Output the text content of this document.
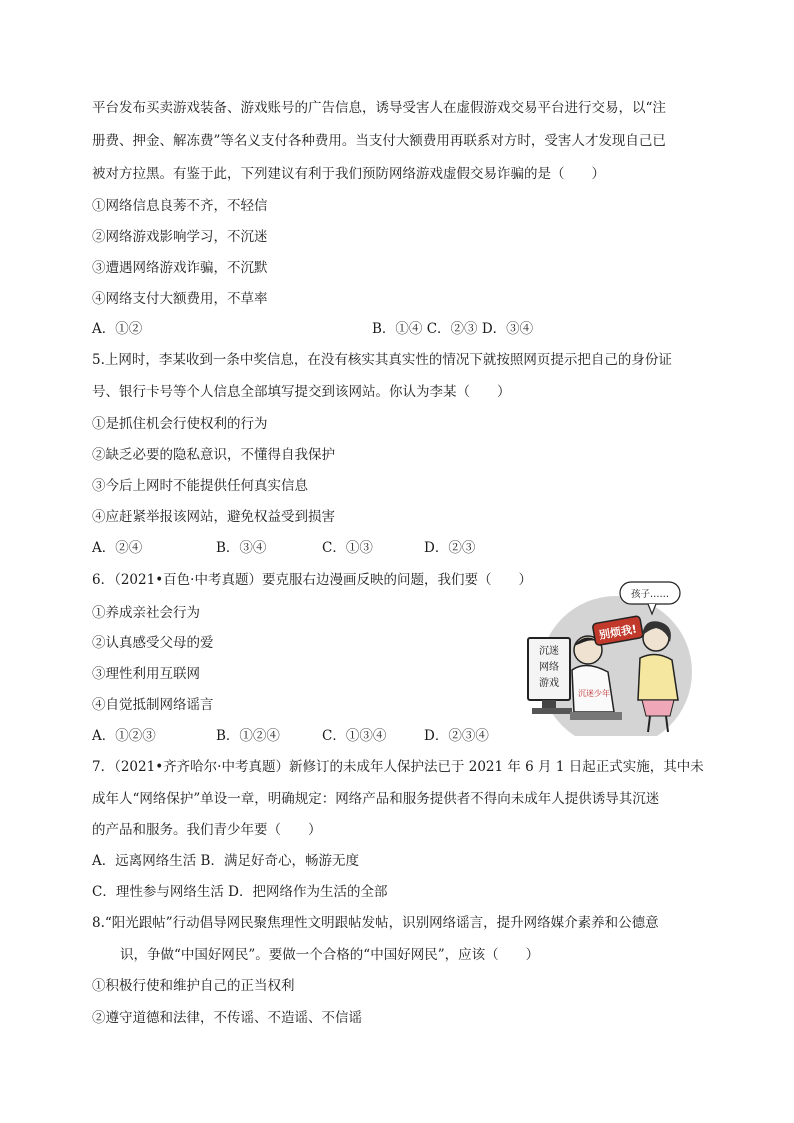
平台发布买卖游戏装备、游戏账号的广告信息，诱导受害人在虚假游戏交易平台进行交易，以“注
册费、押金、解冻费”等名义支付各种费用。当支付大额费用再联系对方时，受害人才发现自己已
被对方拉黑。有鉴于此，下列建议有利于我们预防网络游戏虚假交易诈骗的是（　　）
①网络信息良莠不齐，不轻信
②网络游戏影响学习，不沉迷
③遭遇网络游戏诈骗，不沉默
④网络支付大额费用，不草率
A．①②	B．①④ C．②③ D．③④
5.上网时，李某收到一条中奖信息，在没有核实其真实性的情况下就按照网页提示把自己的身份证
号、银行卡号等个人信息全部填写提交到该网站。你认为李某（　　）
①是抓住机会行使权利的行为
②缺乏必要的隐私意识，不懂得自我保护
③今后上网时不能提供任何真实信息
④应赶紧举报该网站，避免权益受到损害
A．②④	B．③④	C．①③	D．②③
6．（2021•百色·中考真题）要克服右边漫画反映的问题，我们要（　　）
①养成亲社会行为
②认真感受父母的爱
③理性利用互联网
④自觉抵制网络谣言
A．①②③	B．①②④	C．①③④	D．②③④
沉迷
网络
游戏
沉迷少年
别烦我!
孩子……
7．（2021•齐齐哈尔·中考真题）新修订的未成年人保护法已于 2021 年 6 月 1 日起正式实施，其中未
成年人“网络保护”单设一章，明确规定：网络产品和服务提供者不得向未成年人提供诱导其沉迷
的产品和服务。我们青少年要（　　）
A．远离网络生活 B．满足好奇心，畅游无度
C．理性参与网络生活 D．把网络作为生活的全部
8.“阳光跟帖”行动倡导网民聚焦理性文明跟帖发帖，识别网络谣言，提升网络媒介素养和公德意
识，争做“中国好网民”。要做一个合格的“中国好网民”，应该（　　）
①积极行使和维护自己的正当权利
②遵守道德和法律，不传谣、不造谣、不信谣
